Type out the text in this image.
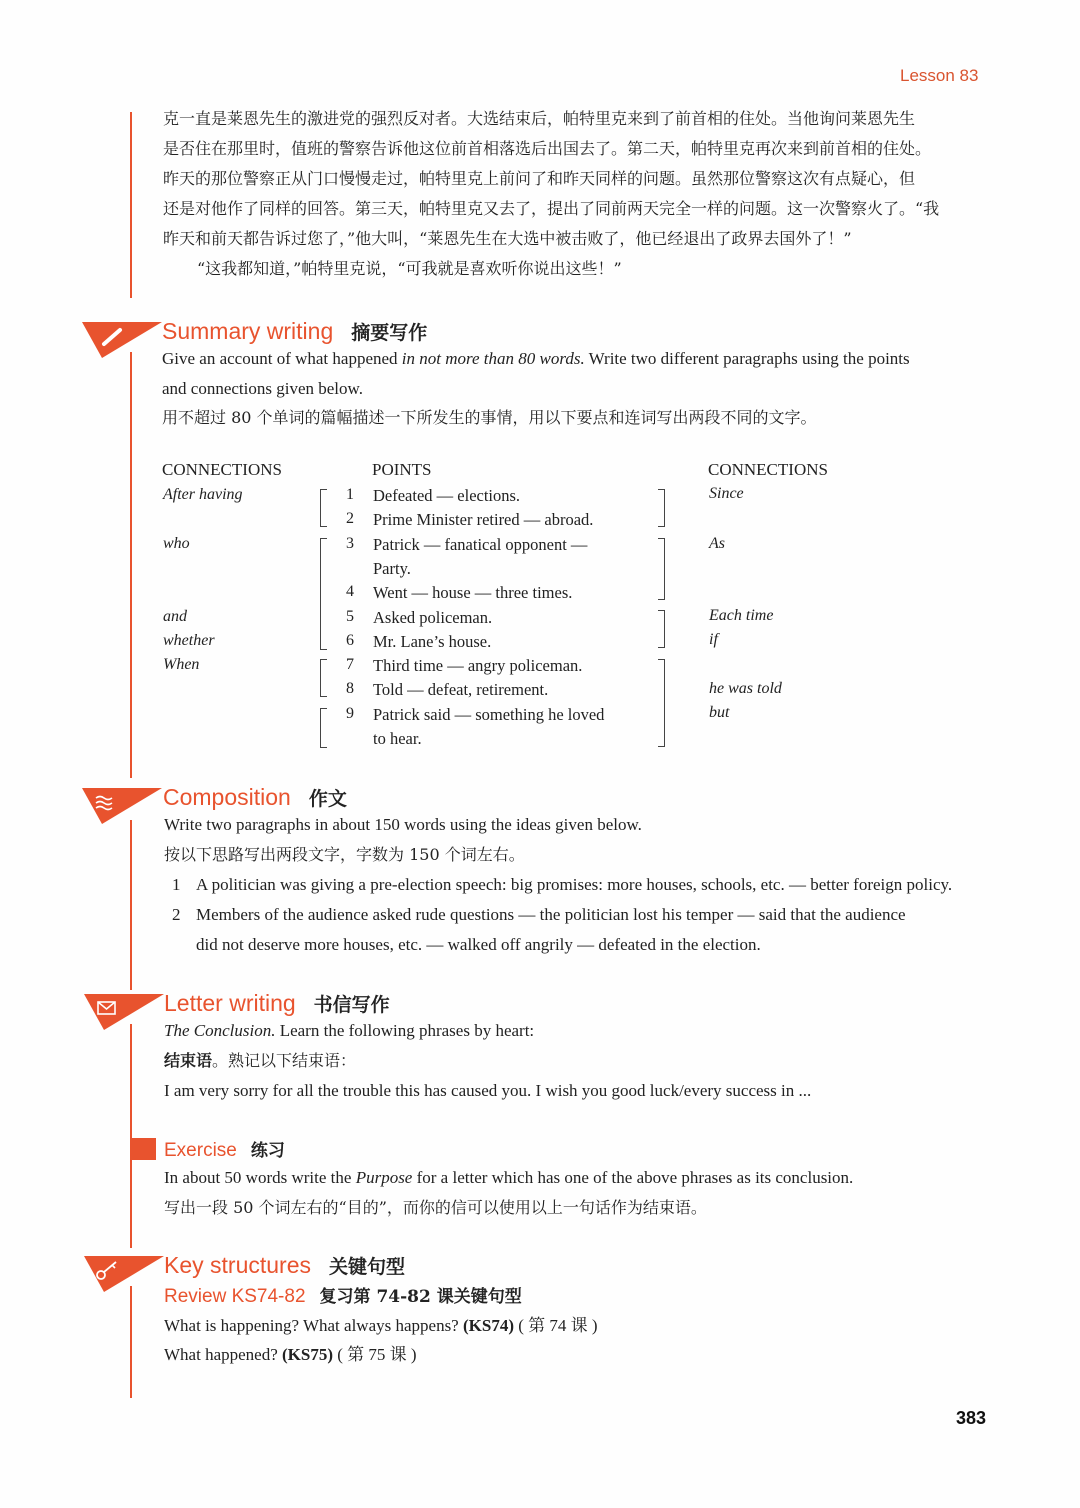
Lesson 83
383
克一直是莱恩先生的激进党的强烈反对者。大选结束后，帕特里克来到了前首相的住处。当他询问莱恩先生
是否住在那里时，值班的警察告诉他这位前首相落选后出国去了。第二天，帕特里克再次来到前首相的住处。
昨天的那位警察正从门口慢慢走过，帕特里克上前问了和昨天同样的问题。虽然那位警察这次有点疑心，但
还是对他作了同样的回答。第三天，帕特里克又去了，提出了同前两天完全一样的问题。这一次警察火了。“我
昨天和前天都告诉过您了，”他大叫，“莱恩先生在大选中被击败了，他已经退出了政界去国外了！”
“这我都知道，”帕特里克说，“可我就是喜欢听你说出这些！”
Summary writing 摘要写作
Give an account of what happened in not more than 80 words. Write two different paragraphs using the points
and connections given below.
用不超过 80 个单词的篇幅描述一下所发生的事情，用以下要点和连词写出两段不同的文字。
CONNECTIONS	POINTS	CONNECTIONS
After having
who
and
whether
When
Since
As
Each time
if
he was told
but
1 Defeated — elections.
2 Prime Minister retired — abroad.
3 Patrick — fanatical opponent —
Party.
4 Went — house — three times.
5 Asked policeman.
6 Mr. Lane’s house.
7 Third time — angry policeman.
8 Told — defeat, retirement.
9 Patrick said — something he loved
to hear.
Composition 作文
Write two paragraphs in about 150 words using the ideas given below.
按以下思路写出两段文字，字数为 150 个词左右。
1 A politician was giving a pre-election speech: big promises: more houses, schools, etc. — better foreign policy.
2 Members of the audience asked rude questions — the politician lost his temper — said that the audience
did not deserve more houses, etc. — walked off angrily — defeated in the election.
Letter writing 书信写作
The Conclusion. Learn the following phrases by heart:
结束语。熟记以下结束语：
I am very sorry for all the trouble this has caused you. I wish you good luck/every success in ...
Exercise 练习
In about 50 words write the Purpose for a letter which has one of the above phrases as its conclusion.
写出一段 50 个词左右的“目的”，而你的信可以使用以上一句话作为结束语。
Key structures 关键句型
Review KS74-82 复习第 74-82 课关键句型
What is happening? What always happens? (KS74) ( 第 74 课 )
What happened? (KS75) ( 第 75 课 )
